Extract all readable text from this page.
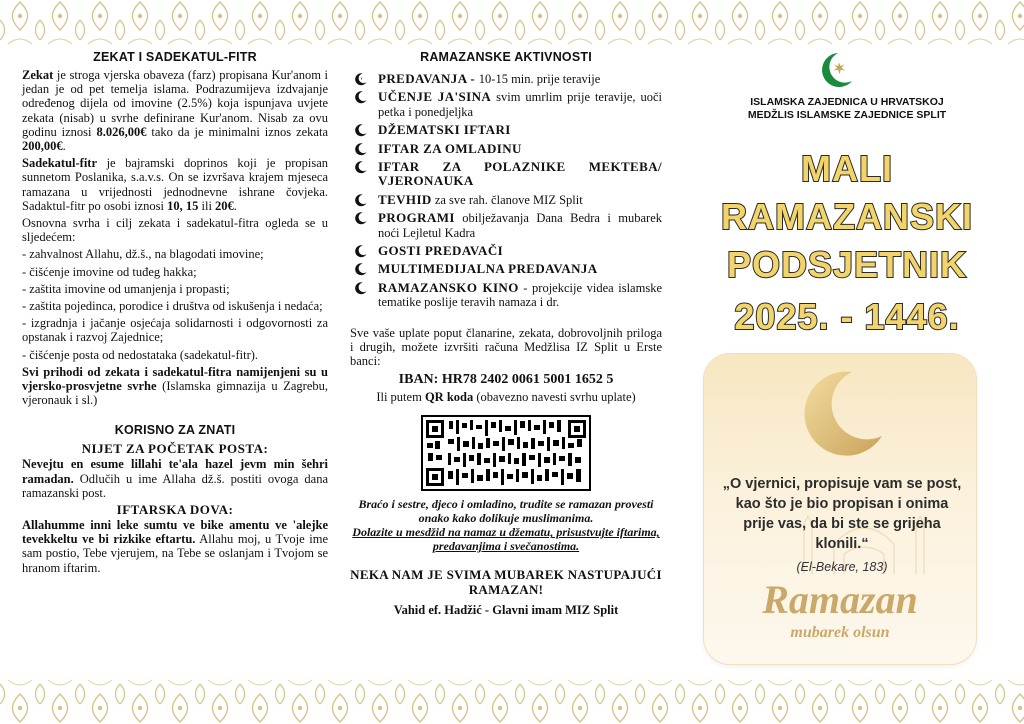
ZEKAT I SADEKATUL-FITR

Zekat je stroga vjerska obaveza (farz) propisana Kur'anom i jedan je od pet temelja islama. Podrazumijeva izdvajanje određenog dijela od imovine (2.5%) koja ispunjava uvjete zekata (nisab) u svrhe definirane Kur'anom. Nisab za ovu godinu iznosi 8.026,00€ tako da je minimalni iznos zekata 200,00€.

Sadekatul-fitr je bajramski doprinos koji je propisan sunnetom Poslanika, s.a.v.s. On se izvršava krajem mjeseca ramazana u vrijednosti jednodnevne ishrane čovjeka. Sadaktul-fitr po osobi iznosi 10, 15 ili 20€.

Osnovna svrha i cilj zekata i sadekatul-fitra ogleda se u sljedećem:

- zahvalnost Allahu, dž.š., na blagodati imovine;
- čišćenje imovine od tuđeg hakka;
- zaštita imovine od umanjenja i propasti;
- zaštita pojedinca, porodice i društva od iskušenja i nedaća;
- izgradnja i jačanje osjećaja solidarnosti i odgovornosti za opstanak i razvoj Zajednice;
- čišćenje posta od nedostataka (sadekatul-fitr).

Svi prihodi od zekata i sadekatul-fitra namijenjeni su u vjersko-prosvjetne svrhe (Islamska gimnazija u Zagrebu, vjeronauk i sl.)

KORISNO ZA ZNATI
NIJET ZA POČETAK POSTA:

Nevejtu en esume lillahi te'ala hazel jevm min šehri ramadan. Odlučih u ime Allaha dž.š. postiti ovoga dana ramazanski post.

IFTARSKA DOVA:

Allahumme inni leke sumtu ve bike amentu ve 'alejke tevekkeltu ve bi rizkike eftartu. Allahu moj, u Tvoje ime sam postio, Tebe vjerujem, na Tebe se oslanjam i Tvojom se hranom iftarim.

RAMAZANSKE AKTIVNOSTI
PREDAVANJA - 10-15 min. prije teravije
UČENJE JA'SINA svim umrlim prije teravije, uoči petka i ponedjeljka
DŽEMATSKI IFTARI
IFTAR ZA OMLADINU
IFTAR ZA POLAZNIKE MEKTEBA/ VJERONAUKA
TEVHID za sve rah. članove MIZ Split
PROGRAMI obilježavanja Dana Bedra i mubarek noći Lejletul Kadra
GOSTI PREDAVAČI
MULTIMEDIJALNA PREDAVANJA
RAMAZANSKO KINO - projekcije videa islamske tematike poslije teravih namaza i dr.

Sve vaše uplate poput članarine, zekata, dobrovoljnih priloga i drugih, možete izvršiti računa Medžlisa IZ Split u Erste banci:

IBAN: HR78 2402 0061 5001 1652 5
Ili putem QR koda (obavezno navesti svrhu uplate)
Braćo i sestre, djeco i omladino, trudite se ramazan provesti onako kako dolikuje muslimanima.
Dolazite u mesdžid na namaz u džematu, prisustvujte iftarima, predavanjima i svečanostima.
NEKA NAM JE SVIMA MUBAREK NASTUPAJUĆI RAMAZAN!
Vahid ef. Hadžić - Glavni imam MIZ Split
ISLAMSKA ZAJEDNICA U HRVATSKOJ
MEDŽLIS ISLAMSKE ZAJEDNICE SPLIT
MALI
RAMAZANSKI
PODSJETNIK
2025. - 1446.
„O vjernici, propisuje vam se post, kao što je bio propisan i onima prije vas, da bi ste se grijeha klonili.“
(El-Bekare, 183)
Ramazan
mubarek olsun
